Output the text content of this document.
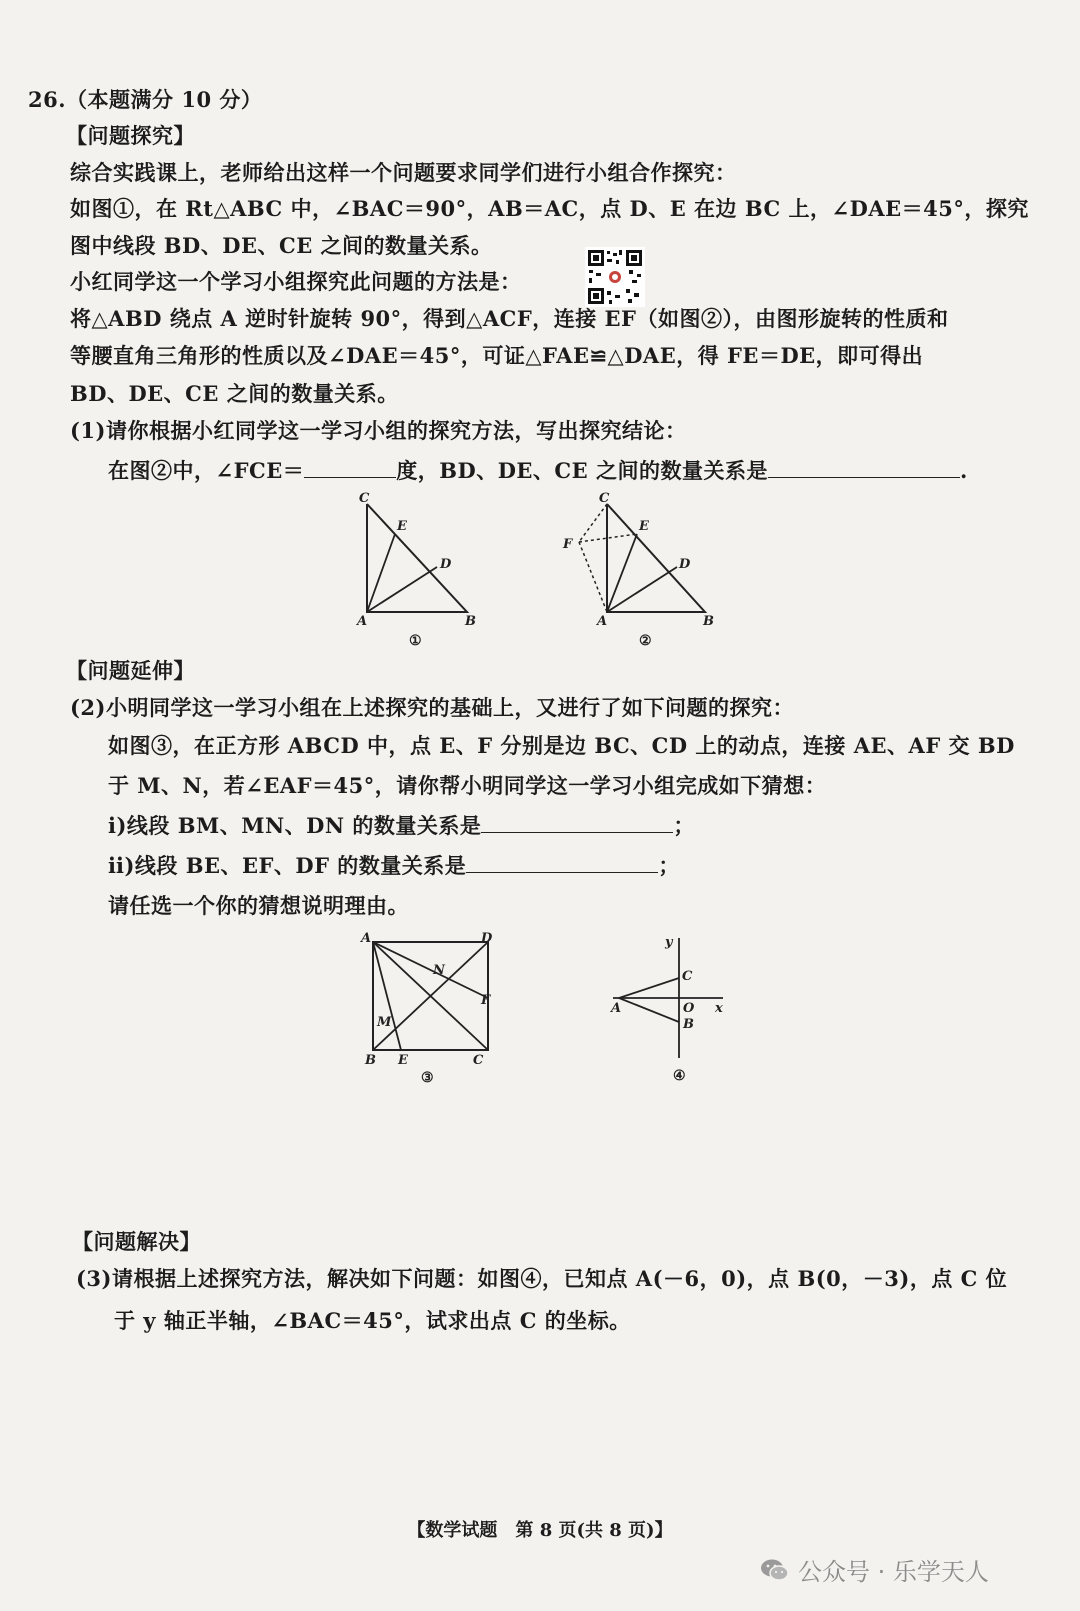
26.（本题满分 10 分）
【问题探究】
综合实践课上，老师给出这样一个问题要求同学们进行小组合作探究：
如图①，在 Rt△ABC 中，∠BAC＝90°，AB＝AC，点 D、E 在边 BC 上，∠DAE＝45°，探究
图中线段 BD、DE、CE 之间的数量关系。
小红同学这一个学习小组探究此问题的方法是：
将△ABD 绕点 A 逆时针旋转 90°，得到△ACF，连接 EF（如图②），由图形旋转的性质和
等腰直角三角形的性质以及∠DAE＝45°，可证△FAE≌△DAE，得 FE＝DE，即可得出
BD、DE、CE 之间的数量关系。
(1)请你根据小红同学这一学习小组的探究方法，写出探究结论：
在图②中，∠FCE＝	度，BD、DE、CE 之间的数量关系是	.
C
E
D
A	B
①
C
E
F
D
A	B
②
【问题延伸】
(2)小明同学这一学习小组在上述探究的基础上，又进行了如下问题的探究：
如图③，在正方形 ABCD 中，点 E、F 分别是边 BC、CD 上的动点，连接 AE、AF 交 BD
于 M、N，若∠EAF＝45°，请你帮小明同学这一学习小组完成如下猜想：
ⅰ)线段 BM、MN、DN 的数量关系是	；
ⅱ)线段 BE、EF、DF 的数量关系是	；
请任选一个你的猜想说明理由。
A	D
N
F
M
B E	C
③
y
C
A	O x
B
④
【问题解决】
(3)请根据上述探究方法，解决如下问题：如图④，已知点 A(－6，0)，点 B(0，－3)，点 C 位
于 y 轴正半轴，∠BAC＝45°，试求出点 C 的坐标。
【数学试题　第 8 页(共 8 页)】
公众号 · 乐学天人
